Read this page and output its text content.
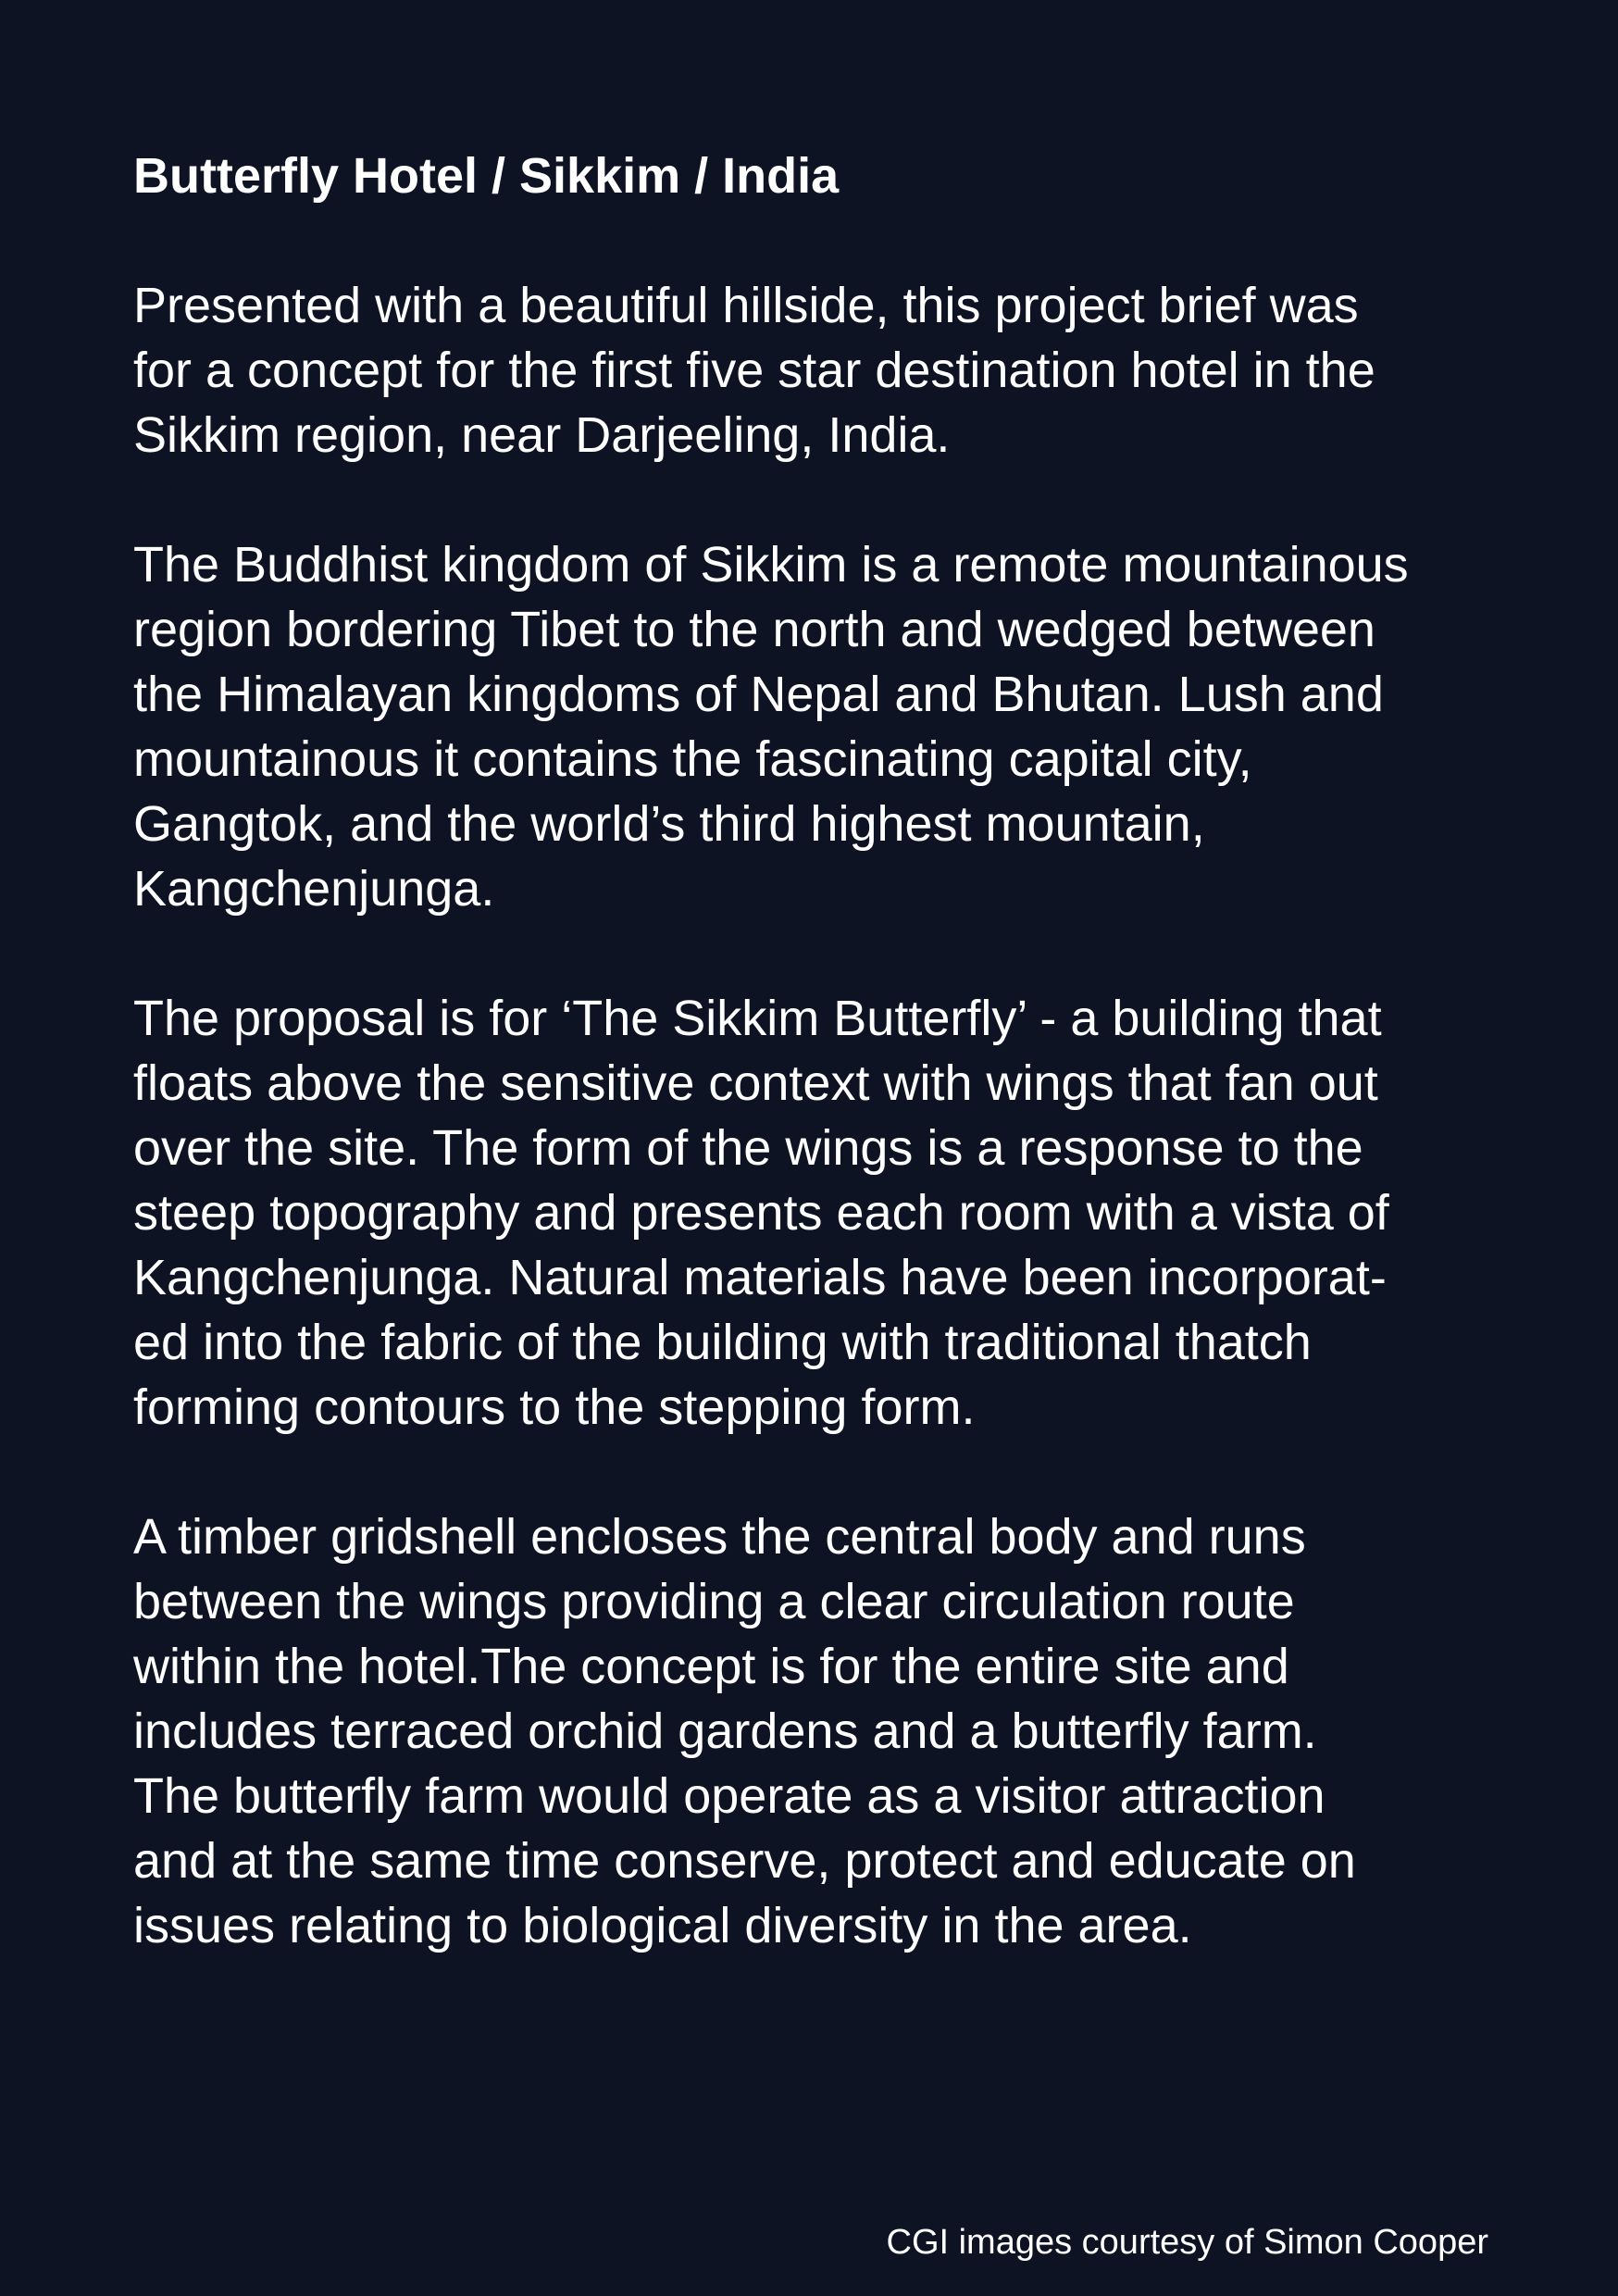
Butterfly Hotel / Sikkim / India

Presented with a beautiful hillside, this project brief was
for a concept for the first five star destination hotel in the
Sikkim region, near Darjeeling, India.

The Buddhist kingdom of Sikkim is a remote mountainous
region bordering Tibet to the north and wedged between
the Himalayan kingdoms of Nepal and Bhutan. Lush and
mountainous it contains the fascinating capital city,
Gangtok, and the world’s third highest mountain,
Kangchenjunga.

The proposal is for ‘The Sikkim Butterfly’ - a building that
floats above the sensitive context with wings that fan out
over the site. The form of the wings is a response to the
steep topography and presents each room with a vista of
Kangchenjunga. Natural materials have been incorporat-
ed into the fabric of the building with traditional thatch
forming contours to the stepping form.

A timber gridshell encloses the central body and runs
between the wings providing a clear circulation route
within the hotel.The concept is for the entire site and
includes terraced orchid gardens and a butterfly farm.
The butterfly farm would operate as a visitor attraction
and at the same time conserve, protect and educate on
issues relating to biological diversity in the area.

CGI images courtesy of Simon Cooper
